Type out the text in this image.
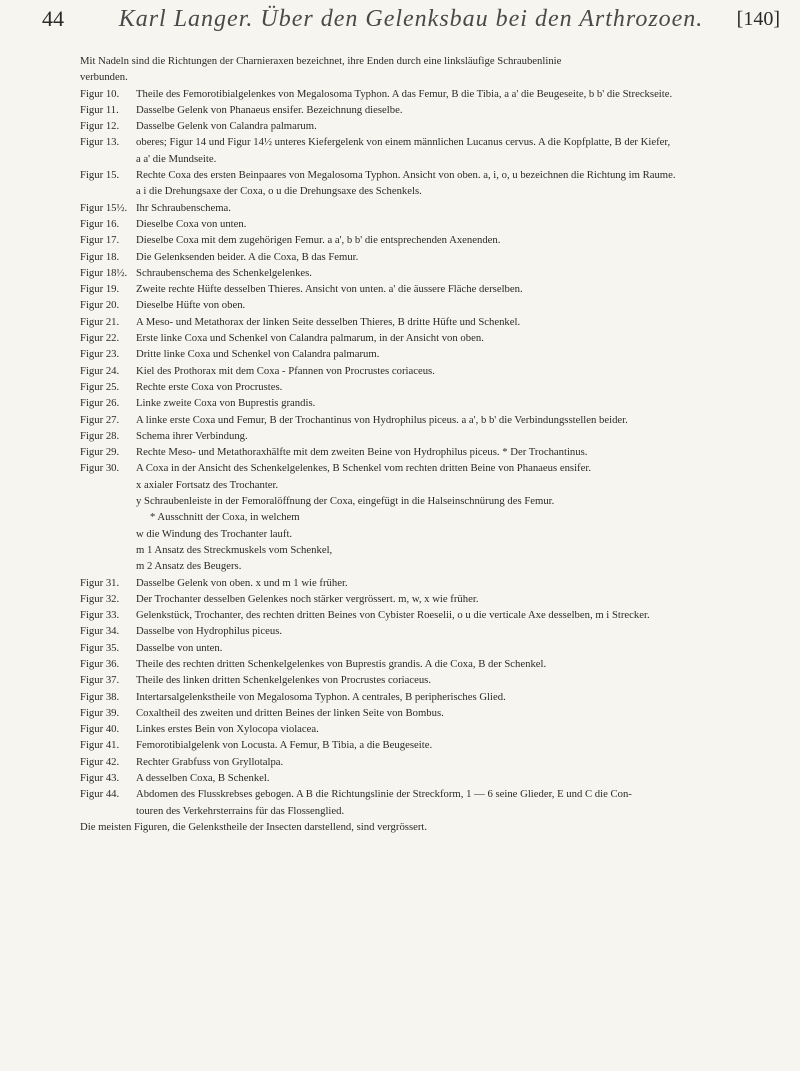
44	Karl Langer. Über den Gelenksbau bei den Arthrozoen.	[140]
Mit Nadeln sind die Richtungen der Charnieraxen bezeichnet, ihre Enden durch eine linksläufige Schraubenlinie
verbunden.
Figur 10.	Theile des Femorotibialgelenkes von Megalosoma Typhon. A das Femur, B die Tibia, a a' die Beugeseite, b b' die Streckseite.
Figur 11.	Dasselbe Gelenk von Phanaeus ensifer. Bezeichnung dieselbe.
Figur 12.	Dasselbe Gelenk von Calandra palmarum.
Figur 13.	oberes; Figur 14 und Figur 14½ unteres Kiefergelenk von einem männlichen Lucanus cervus. A die Kopfplatte, B der Kiefer,
a a' die Mundseite.
Figur 15.	Rechte Coxa des ersten Beinpaares von Megalosoma Typhon. Ansicht von oben. a, i, o, u bezeichnen die Richtung im Raume.
a i die Drehungsaxe der Coxa, o u die Drehungsaxe des Schenkels.
Figur 15½. Ihr Schraubenschema.
Figur 16.	Dieselbe Coxa von unten.
Figur 17.	Dieselbe Coxa mit dem zugehörigen Femur. a a', b b' die entsprechenden Axenenden.
Figur 18.	Die Gelenksenden beider. A die Coxa, B das Femur.
Figur 18½. Schraubenschema des Schenkelgelenkes.
Figur 19.	Zweite rechte Hüfte desselben Thieres. Ansicht von unten. a' die äussere Fläche derselben.
Figur 20.	Dieselbe Hüfte von oben.
Figur 21.	A Meso- und Metathorax der linken Seite desselben Thieres, B dritte Hüfte und Schenkel.
Figur 22.	Erste linke Coxa und Schenkel von Calandra palmarum, in der Ansicht von oben.
Figur 23.	Dritte linke Coxa und Schenkel von Calandra palmarum.
Figur 24.	Kiel des Prothorax mit dem Coxa - Pfannen von Procrustes coriaceus.
Figur 25.	Rechte erste Coxa von Procrustes.
Figur 26.	Linke zweite Coxa von Buprestis grandis.
Figur 27.	A linke erste Coxa und Femur, B der Trochantinus von Hydrophilus piceus. a a', b b' die Verbindungsstellen beider.
Figur 28.	Schema ihrer Verbindung.
Figur 29.	Rechte Meso- und Metathoraxhälfte mit dem zweiten Beine von Hydrophilus piceus. * Der Trochantinus.
Figur 30.	A Coxa in der Ansicht des Schenkelgelenkes, B Schenkel vom rechten dritten Beine von Phanaeus ensifer.
x axialer Fortsatz des Trochanter.
y Schraubenleiste in der Femoralöffnung der Coxa, eingefügt in die Halseinschnürung des Femur.
* Ausschnitt der Coxa, in welchem
w die Windung des Trochanter lauft.
m 1 Ansatz des Streckmuskels vom Schenkel,
m 2 Ansatz des Beugers.
Figur 31.	Dasselbe Gelenk von oben. x und m 1 wie früher.
Figur 32.	Der Trochanter desselben Gelenkes noch stärker vergrössert. m, w, x wie früher.
Figur 33.	Gelenkstück, Trochanter, des rechten dritten Beines von Cybister Roeselii, o u die verticale Axe desselben, m i Strecker.
Figur 34.	Dasselbe von Hydrophilus piceus.
Figur 35.	Dasselbe von unten.
Figur 36.	Theile des rechten dritten Schenkelgelenkes von Buprestis grandis. A die Coxa, B der Schenkel.
Figur 37.	Theile des linken dritten Schenkelgelenkes von Procrustes coriaceus.
Figur 38.	Intertarsalgelenkstheile von Megalosoma Typhon. A centrales, B peripherisches Glied.
Figur 39.	Coxaltheil des zweiten und dritten Beines der linken Seite von Bombus.
Figur 40.	Linkes erstes Bein von Xylocopa violacea.
Figur 41.	Femorotibialgelenk von Locusta. A Femur, B Tibia, a die Beugeseite.
Figur 42.	Rechter Grabfuss von Gryllotalpa.
Figur 43.	A desselben Coxa, B Schenkel.
Figur 44.	Abdomen des Flusskrebses gebogen. A B die Richtungslinie der Streckform, 1 — 6 seine Glieder, E und C die Con-
touren des Verkehrsterrains für das Flossenglied.
Die meisten Figuren, die Gelenkstheile der Insecten darstellend, sind vergrössert.
